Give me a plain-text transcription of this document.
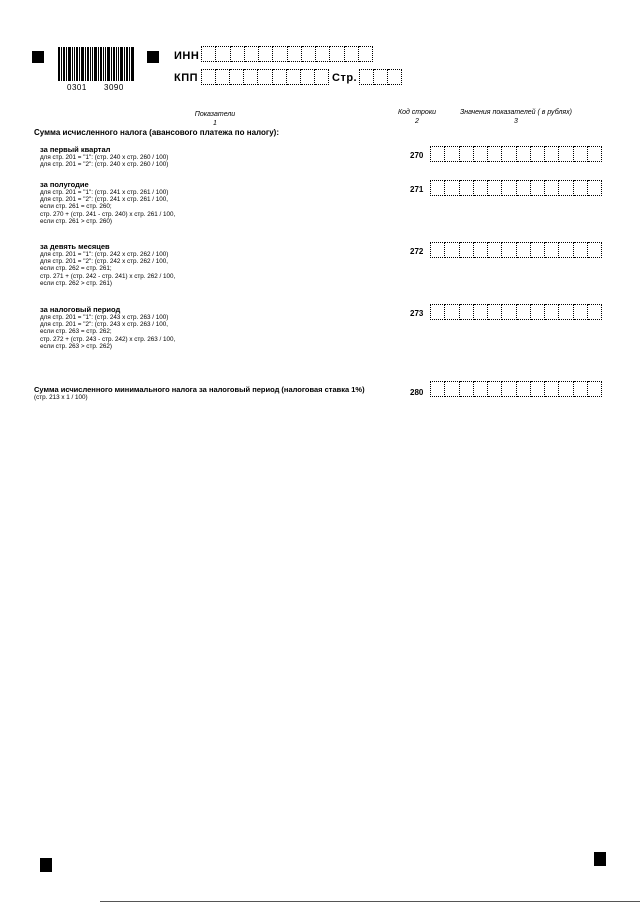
0301 3090
ИНН
КПП	Стр.
Показатели
1
Код строки
2
Значения показателей ( в рублях)
3
Сумма исчисленного налога (авансового платежа по налогу):
за первый квартал
для стр. 201 = "1": (стр. 240 х стр. 260 / 100)
для стр. 201 = "2": (стр. 240 х стр. 260 / 100)
270
за полугодие
для стр. 201 = "1": (стр. 241 х стр. 261 / 100)
для стр. 201 = "2": (стр. 241 х стр. 261 / 100,
если стр. 261 = стр. 260;
стр. 270 + (стр. 241 - стр. 240) х стр. 261 / 100,
если стр. 261 > стр. 260)
271
за девять месяцев
для стр. 201 = "1": (стр. 242 х стр. 262 / 100)
для стр. 201 = "2": (стр. 242 х стр. 262 / 100,
если стр. 262 = стр. 261;
стр. 271 + (стр. 242 - стр. 241) х стр. 262 / 100,
если стр. 262 > стр. 261)
272
за налоговый период
для стр. 201 = "1": (стр. 243 х стр. 263 / 100)
для стр. 201 = "2": (стр. 243 х стр. 263 / 100,
если стр. 263 = стр. 262;
стр. 272 + (стр. 243 - стр. 242) х стр. 263 / 100,
если стр. 263 > стр. 262)
273
Сумма исчисленного минимального налога за налоговый период (налоговая ставка 1%)
(стр. 213 х 1 / 100)
280
